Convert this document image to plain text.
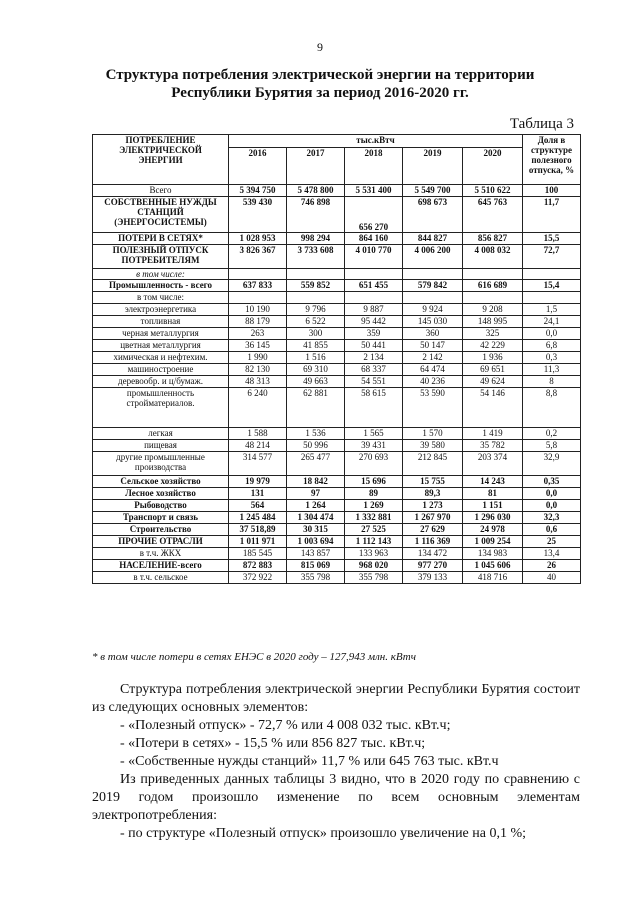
9
Структура потребления электрической энергии на территории Республики Бурятия за период 2016-2020 гг.
Таблица 3
ПОТРЕБЛЕНИЕ ЭЛЕКТРИЧЕСКОЙ ЭНЕРГИИ	тыс.кВтч					Доля в структуре полезного отпуска, %
	2016	2017	2018	2019	2020	
Всего	5 394 750	5 478 800	5 531 400	5 549 700	5 510 622	100
СОБСТВЕННЫЕ НУЖДЫ СТАНЦИЙ (ЭНЕРГОСИСТЕМЫ)	539 430	746 898	656 270	698 673	645 763	11,7
ПОТЕРИ В СЕТЯХ*	1 028 953	998 294	864 160	844 827	856 827	15,5
ПОЛЕЗНЫЙ ОТПУСК ПОТРЕБИТЕЛЯМ	3 826 367	3 733 608	4 010 770	4 006 200	4 008 032	72,7
в том числе:						
Промышленность - всего	637 833	559 852	651 455	579 842	616 689	15,4
в том числе:						
электроэнергетика	10 190	9 796	9 887	9 924	9 208	1,5
топливная	88 179	6 522	95 442	145 030	148 995	24,1
черная металлургия	263	300	359	360	325	0,0
цветная металлургия	36 145	41 855	50 441	50 147	42 229	6,8
химическая и нефтехим.	1 990	1 516	2 134	2 142	1 936	0,3
машиностроение	82 130	69 310	68 337	64 474	69 651	11,3
деревообр. и ц/бумаж.	48 313	49 663	54 551	40 236	49 624	8
промышленность стройматериалов.	6 240	62 881	58 615	53 590	54 146	8,8
легкая	1 588	1 536	1 565	1 570	1 419	0,2
пищевая	48 214	50 996	39 431	39 580	35 782	5,8
другие промышленные производства	314 577	265 477	270 693	212 845	203 374	32,9
Сельское хозяйство	19 979	18 842	15 696	15 755	14 243	0,35
Лесное хозяйство	131	97	89	89,3	81	0,0
Рыбоводство	564	1 264	1 269	1 273	1 151	0,0
Транспорт и связь	1 245 484	1 304 474	1 332 881	1 267 970	1 296 030	32,3
Строительство	37 518,89	30 315	27 525	27 629	24 978	0,6
ПРОЧИЕ ОТРАСЛИ	1 011 971	1 003 694	1 112 143	1 116 369	1 009 254	25
в т.ч. ЖКХ	185 545	143 857	133 963	134 472	134 983	13,4
НАСЕЛЕНИЕ-всего	872 883	815 069	968 020	977 270	1 045 606	26
в т.ч. сельское	372 922	355 798	355 798	379 133	418 716	40
* в том числе потери в сетях ЕНЭС в 2020 году – 127,943 млн. кВтч

Структура потребления электрической энергии Республики Бурятия состоит из следующих основных элементов:

- «Полезный отпуск» - 72,7 % или 4 008 032 тыс. кВт.ч;

- «Потери в сетях» - 15,5 % или 856 827 тыс. кВт.ч;

- «Собственные нужды станций» 11,7 % или 645 763 тыс. кВт.ч

Из приведенных данных таблицы 3 видно, что в 2020 году по сравнению с 2019 годом произошло изменение по всем основным элементам электропотребления:

- по структуре «Полезный отпуск» произошло увеличение на 0,1 %;
